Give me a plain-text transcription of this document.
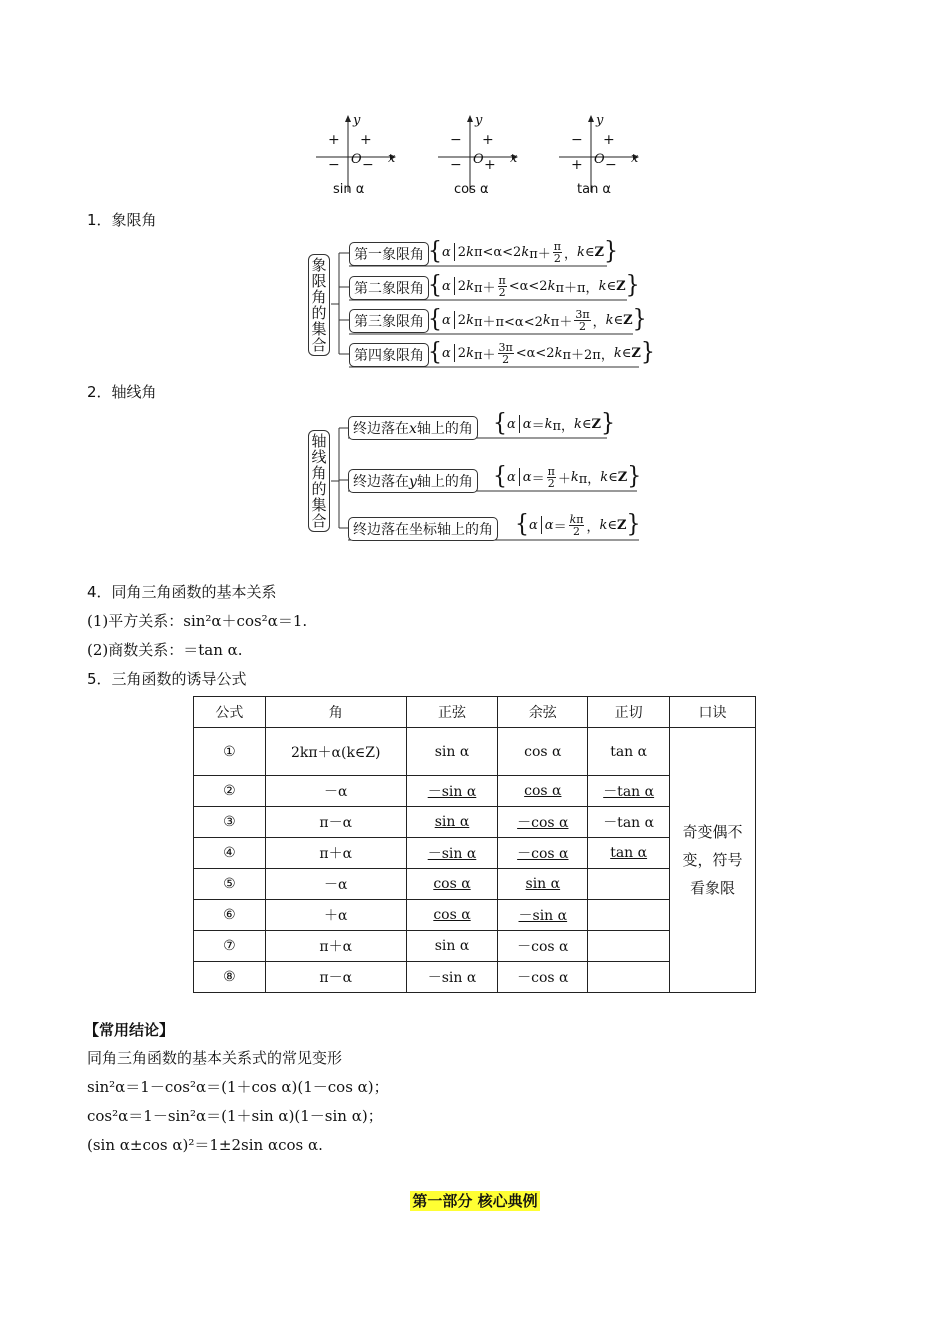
y
x
+ +
− O −
sin α
y
x
− +
− O +
cos α
y
x
− +
+ O −
tan α
1．象限角
象限角的集合
第一象限角 { α 2 k π<α<2 k $\pi+ \frac{\pi}{2}$ ， k ∈ Z }
第二象限角 { α 2 k $\pi+ \frac{\pi}{2} <\alpha<2$ k π＋π， k ∈ Z }
第三象限角 { α 2 k π＋π<α<2 k $\pi+ \frac{3\pi}{2}$ ， k ∈ Z }
第四象限角 { α 2 k $\pi+ \frac{3\pi}{2} <\alpha<2$ k π＋2π， k ∈ Z }
2．轴线角
轴线角的集合
终边落在x轴上的角 { α α ＝ k π， k ∈ Z }
终边落在y轴上的角 { α $\alpha = \frac{\pi}{2} + k$ π， k ∈ Z }
终边落在坐标轴上的角 { α $\alpha = \frac{k\pi}{2}$ ， k ∈ Z }
4．同角三角函数的基本关系
(1)平方关系：sin²α＋cos²α＝1.
(2)商数关系：＝tan α.
5．三角函数的诱导公式
公式	角	正弦	余弦	正切	口诀
①	2kπ＋α(k∈Z)	sin α	cos α	tan α	奇变偶不变，符号看象限
②	－α	－sin α	cos α	－tan α	
③	π－α	sin α	－cos α	－tan α	
④	π＋α	－sin α	－cos α	tan α	
⑤	－α	cos α	sin α		
⑥	＋α	cos α	－sin α		
⑦	π＋α	sin α	－cos α		
⑧	π－α	－sin α	－cos α		
【常用结论】
同角三角函数的基本关系式的常见变形
sin²α＝1－cos²α＝(1＋cos α)(1－cos α)；
cos²α＝1－sin²α＝(1＋sin α)(1－sin α)；
(sin α±cos α)²＝1±2sin αcos α.
第一部分 核心典例
